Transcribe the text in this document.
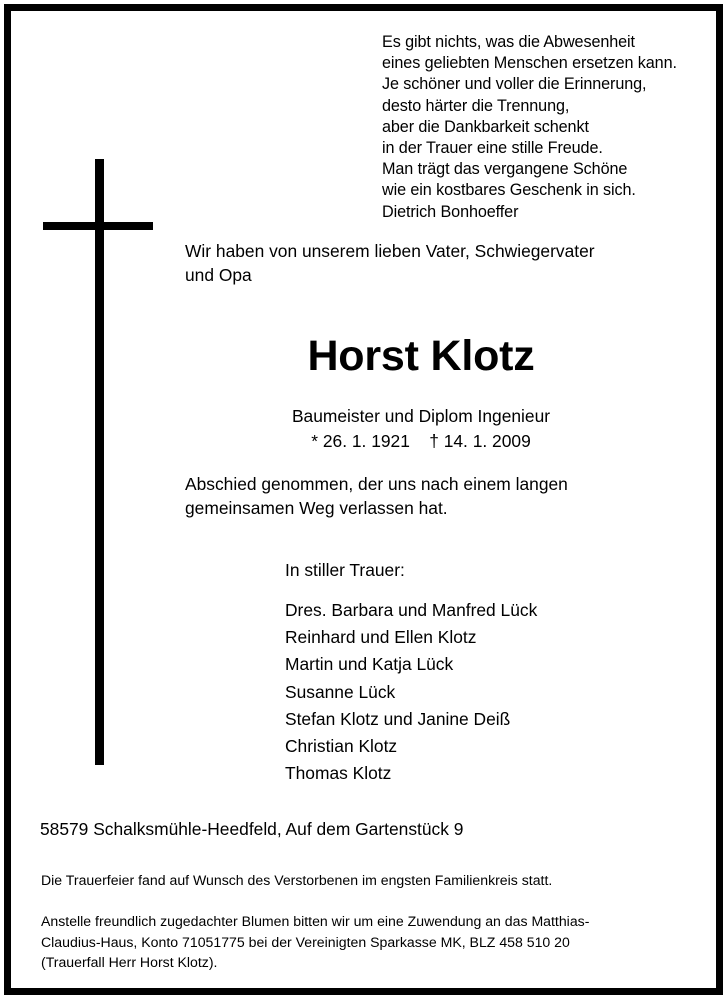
Es gibt nichts, was die Abwesenheit
eines geliebten Menschen ersetzen kann.
Je schöner und voller die Erinnerung,
desto härter die Trennung,
aber die Dankbarkeit schenkt
in der Trauer eine stille Freude.
Man trägt das vergangene Schöne
wie ein kostbares Geschenk in sich.
Dietrich Bonhoeffer
Wir haben von unserem lieben Vater, Schwiegervater
und Opa
Horst Klotz
Baumeister und Diplom Ingenieur
* 26. 1. 1921    † 14. 1. 2009
Abschied genommen, der uns nach einem langen
gemeinsamen Weg verlassen hat.
In stiller Trauer:
Dres. Barbara und Manfred Lück
Reinhard und Ellen Klotz
Martin und Katja Lück
Susanne Lück
Stefan Klotz und Janine Deiß
Christian Klotz
Thomas Klotz
58579 Schalksmühle-Heedfeld, Auf dem Gartenstück 9
Die Trauerfeier fand auf Wunsch des Verstorbenen im engsten Familienkreis statt.
Anstelle freundlich zugedachter Blumen bitten wir um eine Zuwendung an das Matthias-
Claudius-Haus, Konto 71051775 bei der Vereinigten Sparkasse MK, BLZ 458 510 20
(Trauerfall Herr Horst Klotz).
